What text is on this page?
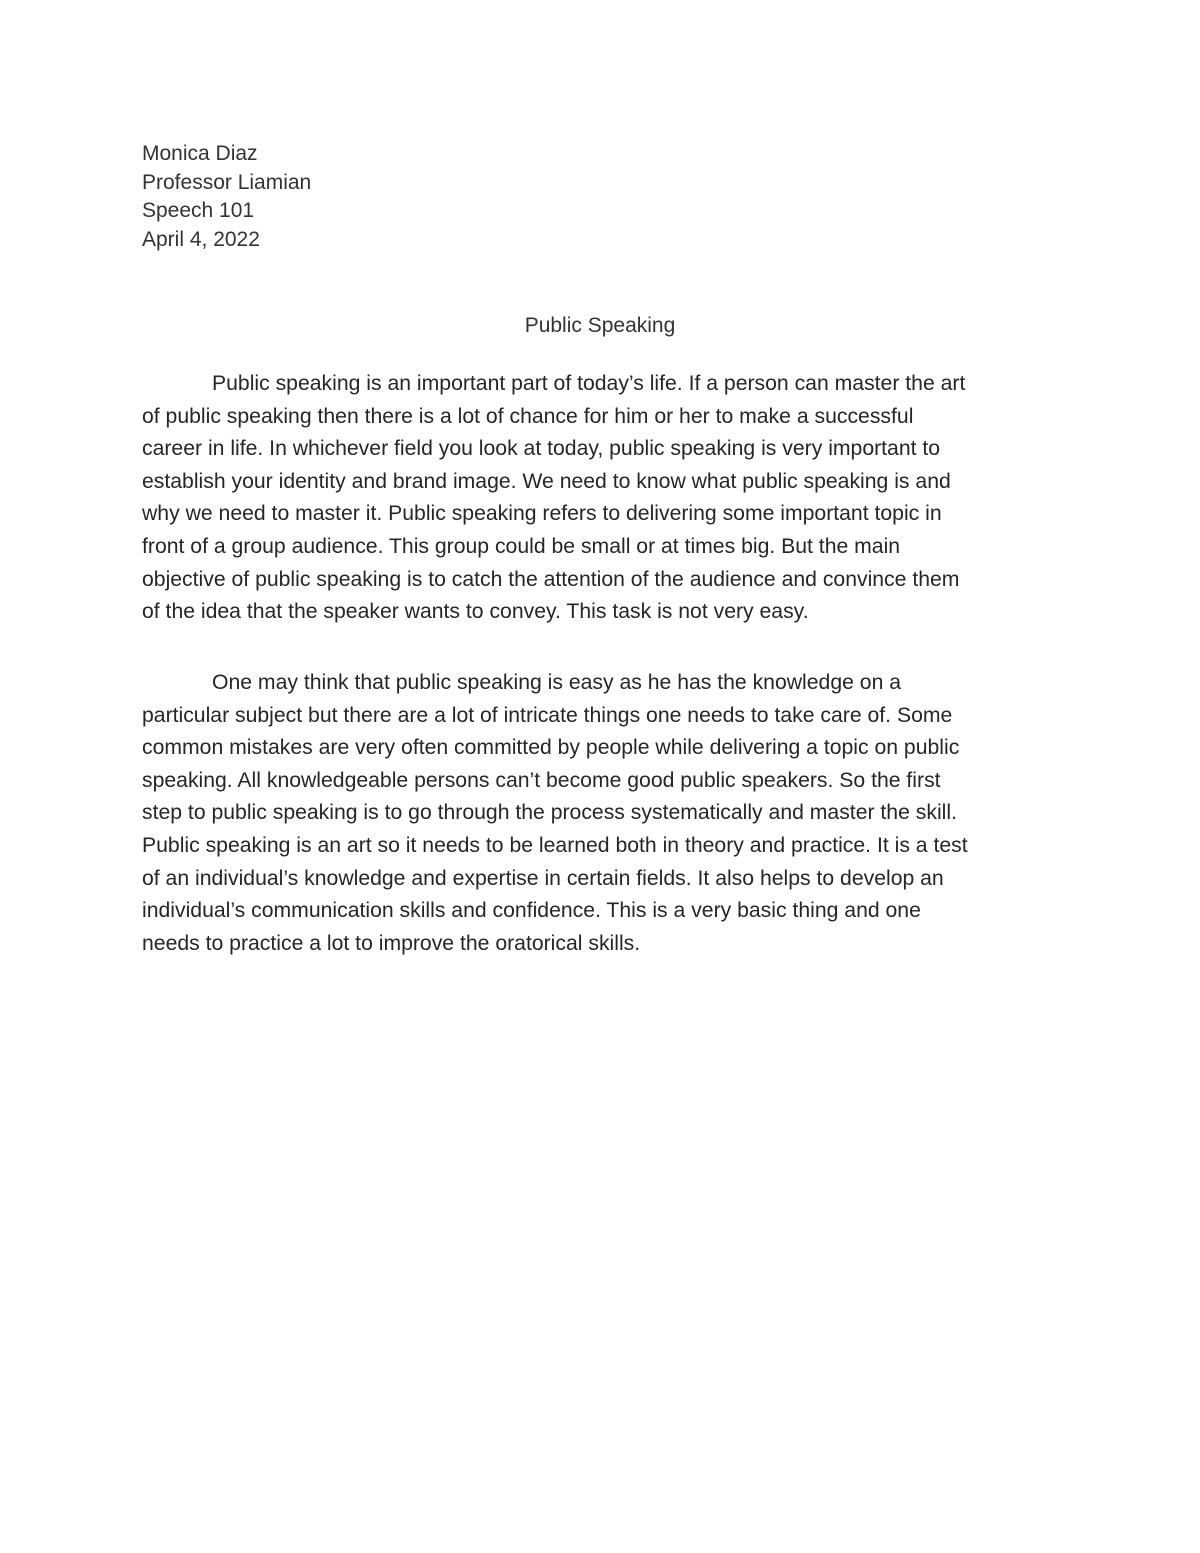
Monica Diaz
Professor Liamian
Speech 101
April 4, 2022
Public Speaking
Public speaking is an important part of today’s life. If a person can master the art
of public speaking then there is a lot of chance for him or her to make a successful
career in life. In whichever field you look at today, public speaking is very important to
establish your identity and brand image. We need to know what public speaking is and
why we need to master it. Public speaking refers to delivering some important topic in
front of a group audience. This group could be small or at times big. But the main
objective of public speaking is to catch the attention of the audience and convince them
of the idea that the speaker wants to convey. This task is not very easy.
One may think that public speaking is easy as he has the knowledge on a
particular subject but there are a lot of intricate things one needs to take care of. Some
common mistakes are very often committed by people while delivering a topic on public
speaking. All knowledgeable persons can’t become good public speakers. So the first
step to public speaking is to go through the process systematically and master the skill.
Public speaking is an art so it needs to be learned both in theory and practice. It is a test
of an individual’s knowledge and expertise in certain fields. It also helps to develop an
individual’s communication skills and confidence. This is a very basic thing and one
needs to practice a lot to improve the oratorical skills.
